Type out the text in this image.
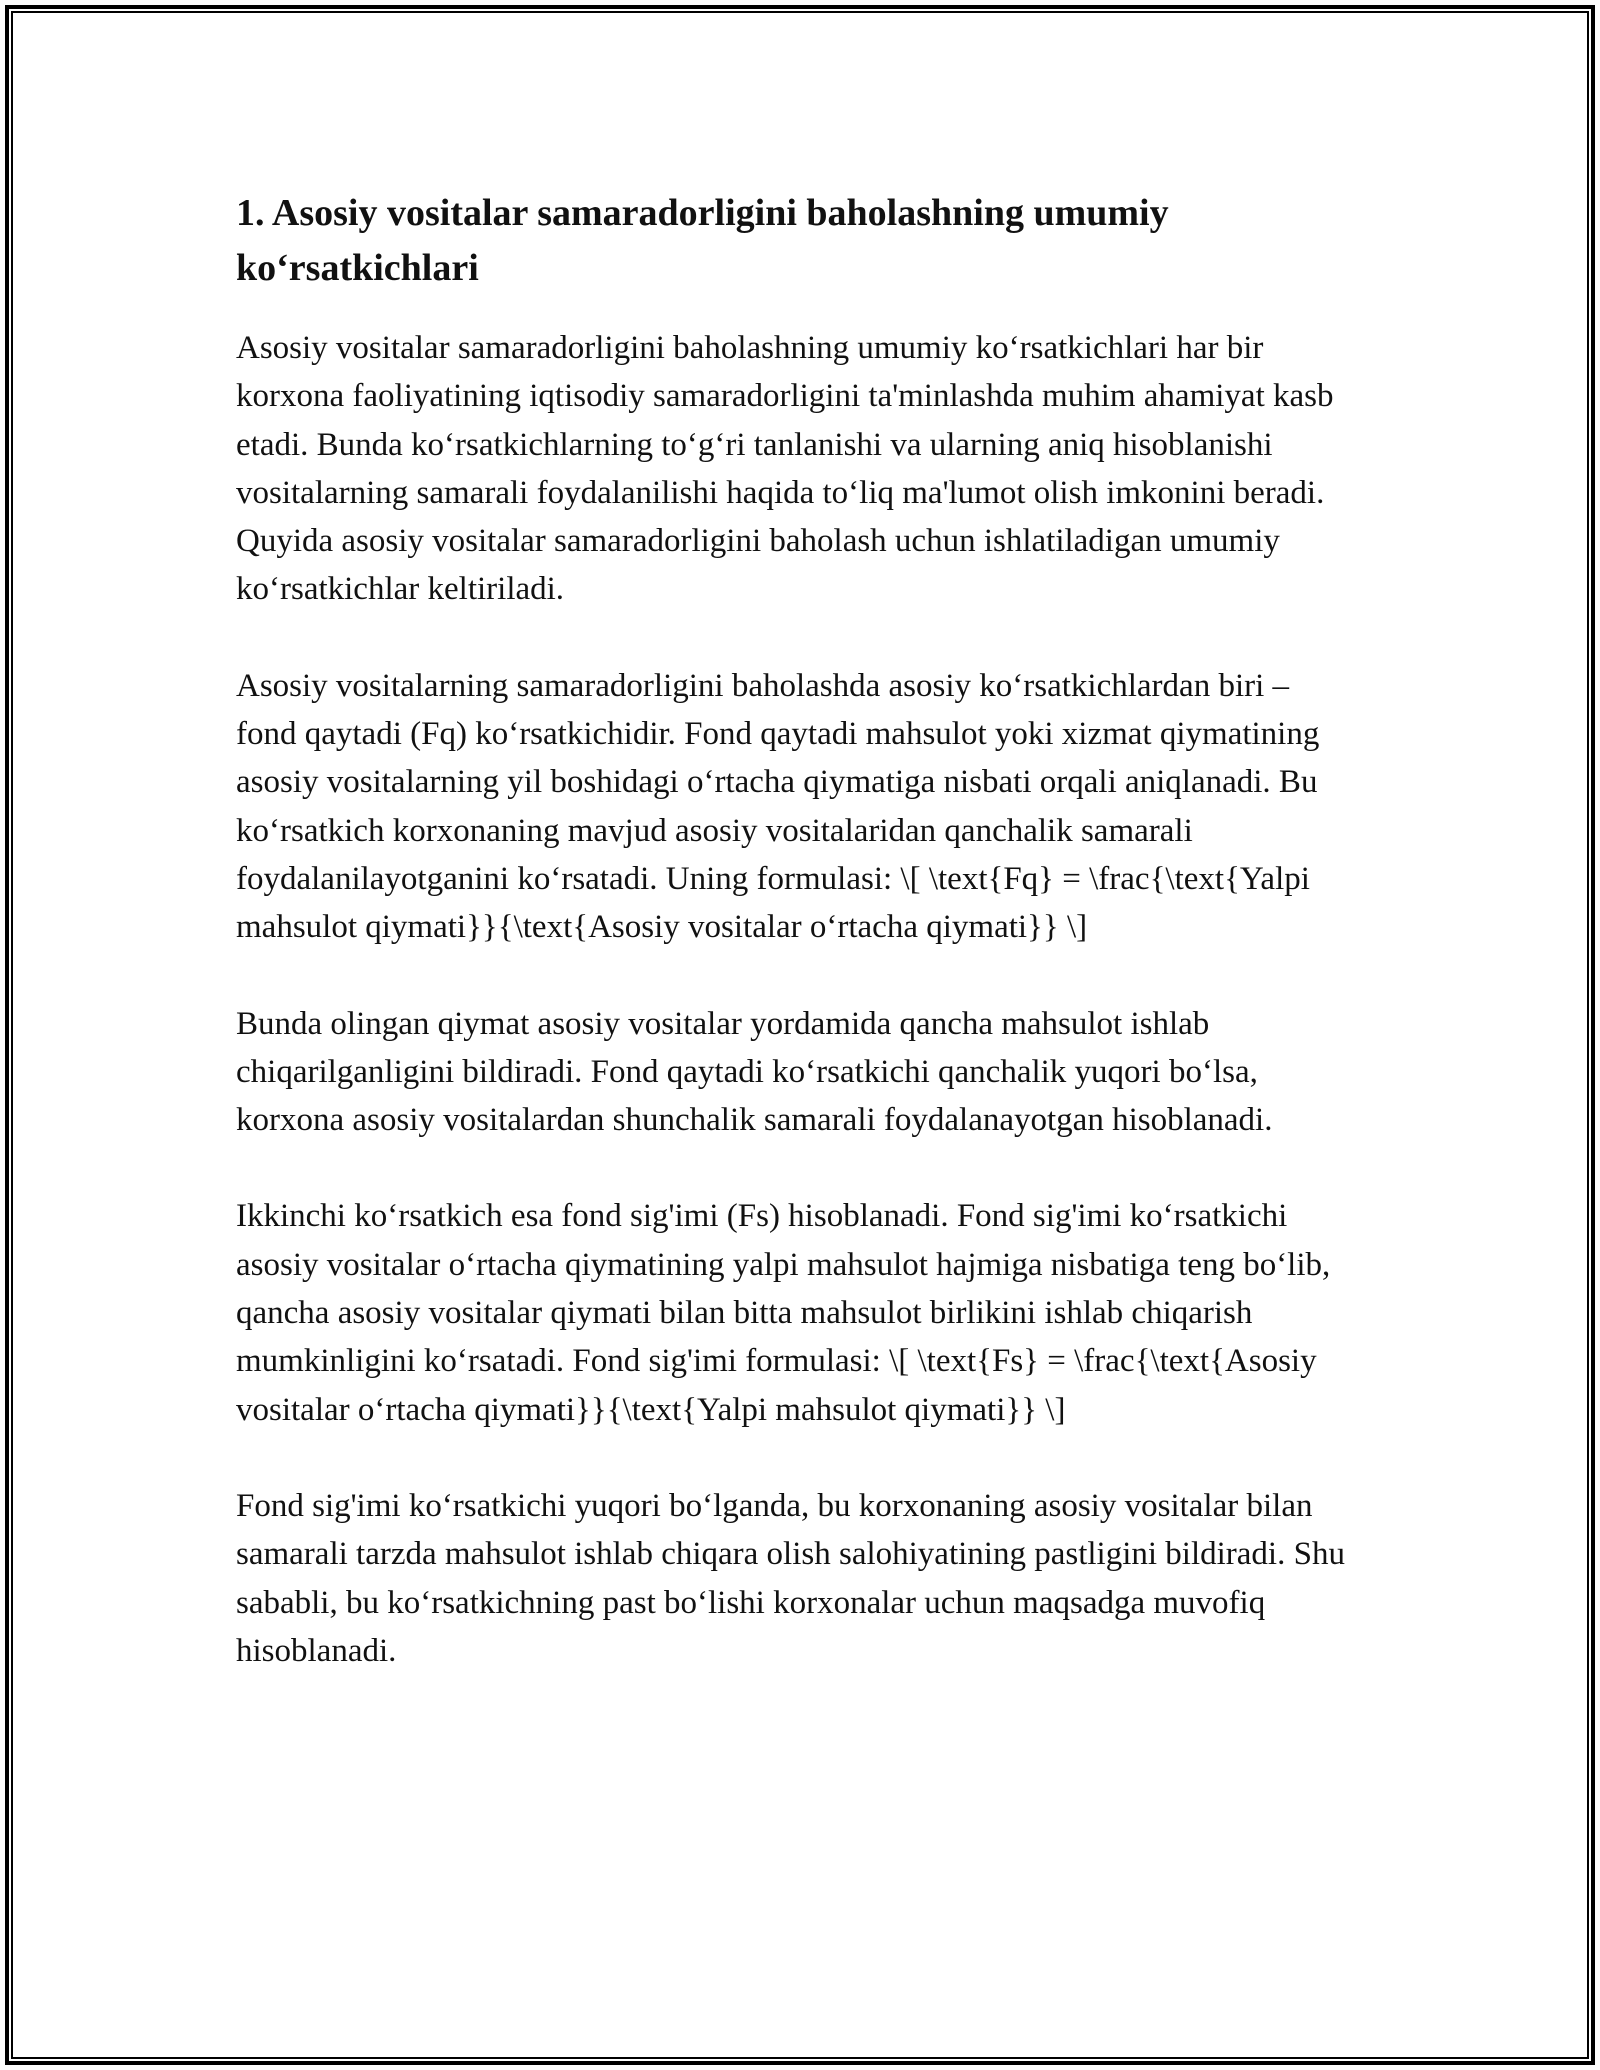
1. Asosiy vositalar samaradorligini baholashning umumiy ko‘rsatkichlari

Asosiy vositalar samaradorligini baholashning umumiy ko‘rsatkichlari har bir korxona faoliyatining iqtisodiy samaradorligini ta'minlashda muhim ahamiyat kasb etadi. Bunda ko‘rsatkichlarning to‘g‘ri tanlanishi va ularning aniq hisoblanishi vositalarning samarali foydalanilishi haqida to‘liq ma'lumot olish imkonini beradi. Quyida asosiy vositalar samaradorligini baholash uchun ishlatiladigan umumiy ko‘rsatkichlar keltiriladi.

Asosiy vositalarning samaradorligini baholashda asosiy ko‘rsatkichlardan biri – fond qaytadi (Fq) ko‘rsatkichidir. Fond qaytadi mahsulot yoki xizmat qiymatining asosiy vositalarning yil boshidagi o‘rtacha qiymatiga nisbati orqali aniqlanadi. Bu ko‘rsatkich korxonaning mavjud asosiy vositalaridan qanchalik samarali foydalanilayotganini ko‘rsatadi. Uning formulasi: \[ \text{Fq} = \frac{\text{Yalpi mahsulot qiymati}}{\text{Asosiy vositalar o‘rtacha qiymati}} \]

Bunda olingan qiymat asosiy vositalar yordamida qancha mahsulot ishlab chiqarilganligini bildiradi. Fond qaytadi ko‘rsatkichi qanchalik yuqori bo‘lsa, korxona asosiy vositalardan shunchalik samarali foydalanayotgan hisoblanadi.

Ikkinchi ko‘rsatkich esa fond sig'imi (Fs) hisoblanadi. Fond sig'imi ko‘rsatkichi asosiy vositalar o‘rtacha qiymatining yalpi mahsulot hajmiga nisbatiga teng bo‘lib, qancha asosiy vositalar qiymati bilan bitta mahsulot birlikini ishlab chiqarish mumkinligini ko‘rsatadi. Fond sig'imi formulasi: \[ \text{Fs} = \frac{\text{Asosiy vositalar o‘rtacha qiymati}}{\text{Yalpi mahsulot qiymati}} \]

Fond sig'imi ko‘rsatkichi yuqori bo‘lganda, bu korxonaning asosiy vositalar bilan samarali tarzda mahsulot ishlab chiqara olish salohiyatining pastligini bildiradi. Shu sababli, bu ko‘rsatkichning past bo‘lishi korxonalar uchun maqsadga muvofiq hisoblanadi.
